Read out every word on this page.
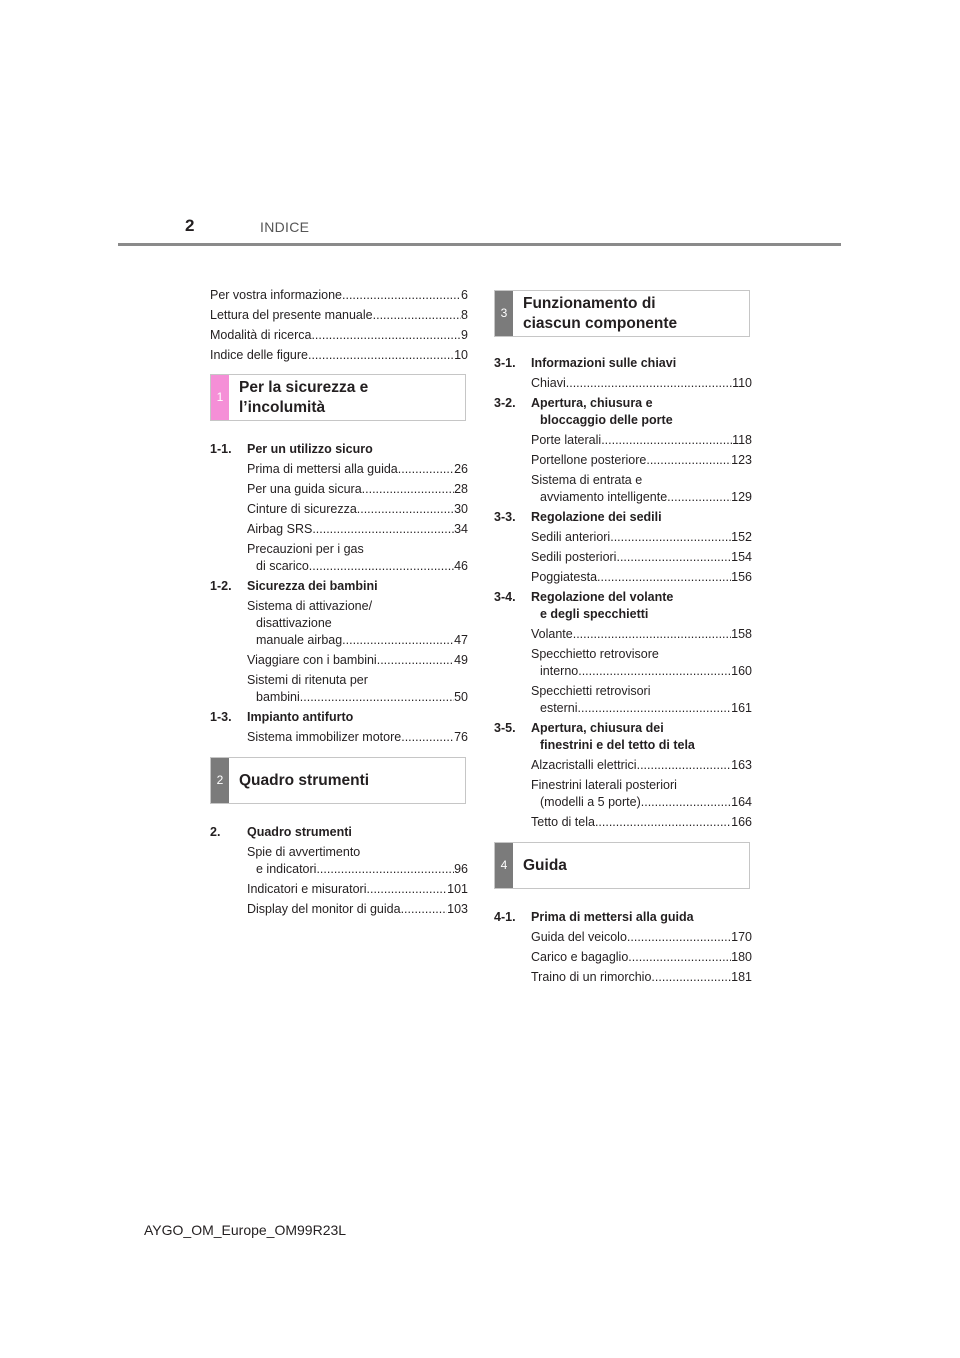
2	INDICE
Per vostra informazione .....	6
Lettura del presente manuale .....	8
Modalità di ricerca .....	9
Indice delle figure .....	10
1
Per la sicurezza e
l’incolumità
1-1.	Per un utilizzo sicuro
Prima di mettersi alla guida .....	26
Per una guida sicura .....	28
Cinture di sicurezza .....	30
Airbag SRS .....	34
Precauzioni per i gas
di scarico .....	46
1-2.	Sicurezza dei bambini
Sistema di attivazione/
disattivazione
manuale airbag .....	47
Viaggiare con i bambini .....	49
Sistemi di ritenuta per
bambini .....	50
1-3.	Impianto antifurto
Sistema immobilizer motore .....	76
2	Quadro strumenti
2.	Quadro strumenti
Spie di avvertimento
e indicatori .....	96
Indicatori e misuratori .....	101
Display del monitor di guida .....	103
3
Funzionamento di
ciascun componente
3-1.	Informazioni sulle chiavi
Chiavi .....	110
3-2.	Apertura, chiusura e
bloccaggio delle porte
Porte laterali .....	118
Portellone posteriore .....	123
Sistema di entrata e
avviamento intelligente .....	129
3-3.	Regolazione dei sedili
Sedili anteriori .....	152
Sedili posteriori .....	154
Poggiatesta .....	156
3-4.	Regolazione del volante
e degli specchietti
Volante .....	158
Specchietto retrovisore
interno .....	160
Specchietti retrovisori
esterni .....	161
3-5.	Apertura, chiusura dei
finestrini e del tetto di tela
Alzacristalli elettrici .....	163
Finestrini laterali posteriori
(modelli a 5 porte) .....	164
Tetto di tela .....	166
4	Guida
4-1.	Prima di mettersi alla guida
Guida del veicolo .....	170
Carico e bagaglio .....	180
Traino di un rimorchio .....	181
AYGO_OM_Europe_OM99R23L
